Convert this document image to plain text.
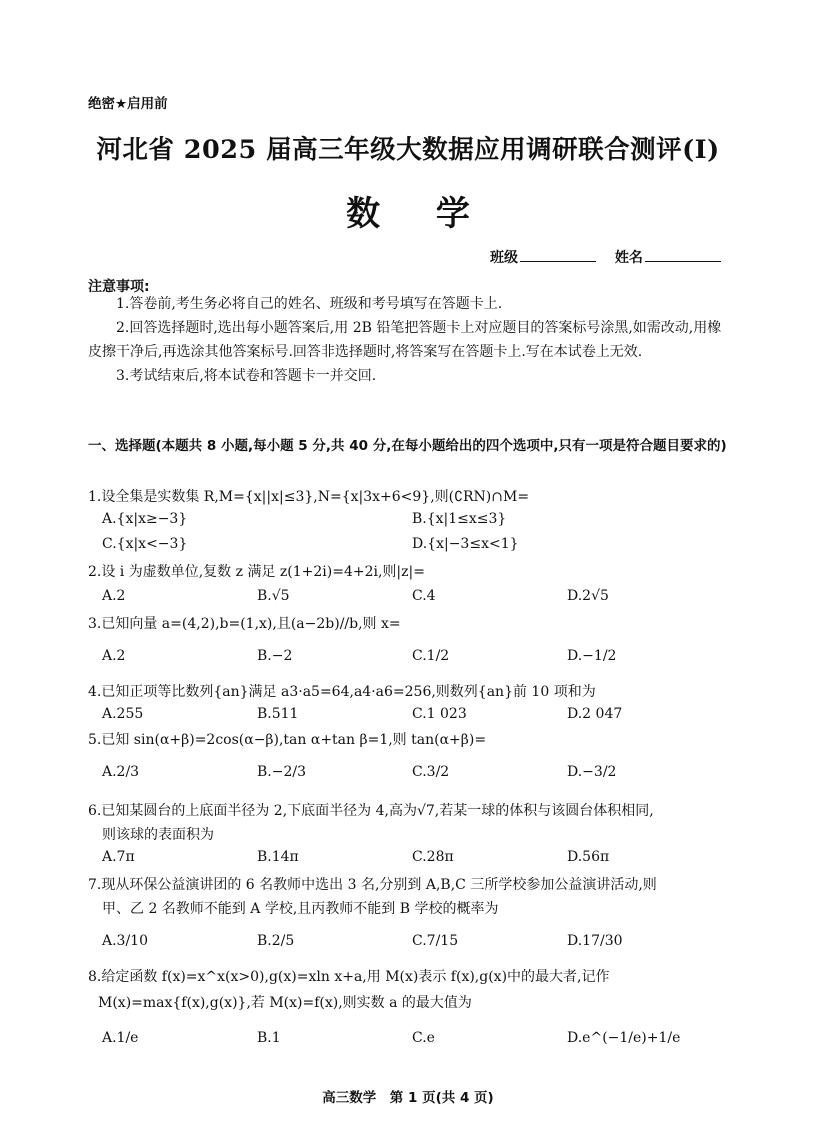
绝密★启用前
河北省 2025 届高三年级大数据应用调研联合测评(Ⅰ)
数 学
班级	姓名
注意事项:

1.答卷前,考生务必将自己的姓名、班级和考号填写在答题卡上.

2.回答选择题时,选出每小题答案后,用 2B 铅笔把答题卡上对应题目的答案标号涂黑,如需改动,用橡皮擦干净后,再选涂其他答案标号.回答非选择题时,将答案写在答题卡上.写在本试卷上无效.

3.考试结束后,将本试卷和答题卡一并交回.

一、选择题(本题共 8 小题,每小题 5 分,共 40 分,在每小题给出的四个选项中,只有一项是符合题目要求的)
1.设全集是实数集 R,M={x||x|≤3},N={x|3x+6<9},则(∁RN)∩M=
A.{x|x≥−3}	B.{x|1≤x≤3}
C.{x|x<−3}	D.{x|−3≤x<1}
2.设 i 为虚数单位,复数 z 满足 z(1+2i)=4+2i,则|z|=
A.2	B.√5	C.4	D.2√5
3.已知向量 a=(4,2),b=(1,x),且(a−2b)//b,则 x=
A.2	B.−2	C.1/2	D.−1/2
4.已知正项等比数列{an}满足 a3·a5=64,a4·a6=256,则数列{an}前 10 项和为
A.255	B.511	C.1 023	D.2 047
5.已知 sin(α+β)=2cos(α−β),tan α+tan β=1,则 tan(α+β)=
A.2/3	B.−2/3	C.3/2	D.−3/2
6.已知某圆台的上底面半径为 2,下底面半径为 4,高为√7,若某一球的体积与该圆台体积相同,
则该球的表面积为
A.7π	B.14π	C.28π	D.56π
7.现从环保公益演讲团的 6 名教师中选出 3 名,分别到 A,B,C 三所学校参加公益演讲活动,则
甲、乙 2 名教师不能到 A 学校,且丙教师不能到 B 学校的概率为
A.3/10	B.2/5	C.7/15	D.17/30
8.给定函数 f(x)=x^x(x>0),g(x)=xln x+a,用 M(x)表示 f(x),g(x)中的最大者,记作
M(x)=max{f(x),g(x)},若 M(x)=f(x),则实数 a 的最大值为
A.1/e	B.1	C.e	D.e^(−1/e)+1/e
高三数学　第 1 页(共 4 页)
